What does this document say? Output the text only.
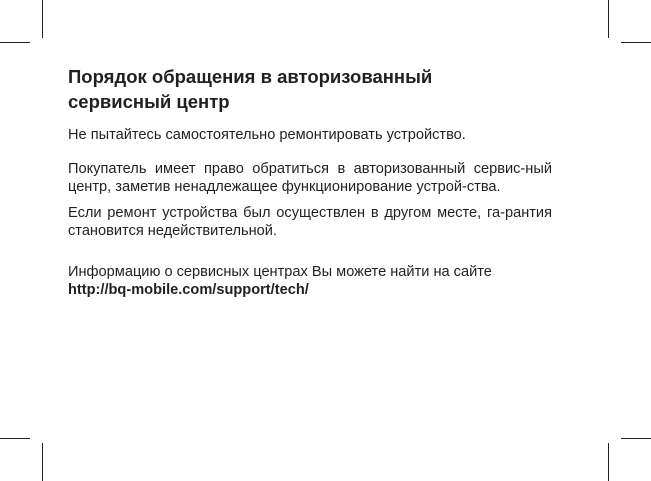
Порядок обращения в авторизованный
сервисный центр

Не пытайтесь самостоятельно ремонтировать устройство.

Покупатель имеет право обратиться в авторизованный сервис-ный центр, заметив ненадлежащее функционирование устрой-ства.

Если ремонт устройства был осуществлен в другом месте, га-рантия становится недействительной.

Информацию о сервисных центрах Вы можете найти на сайте
http://bq-mobile.com/support/tech/
